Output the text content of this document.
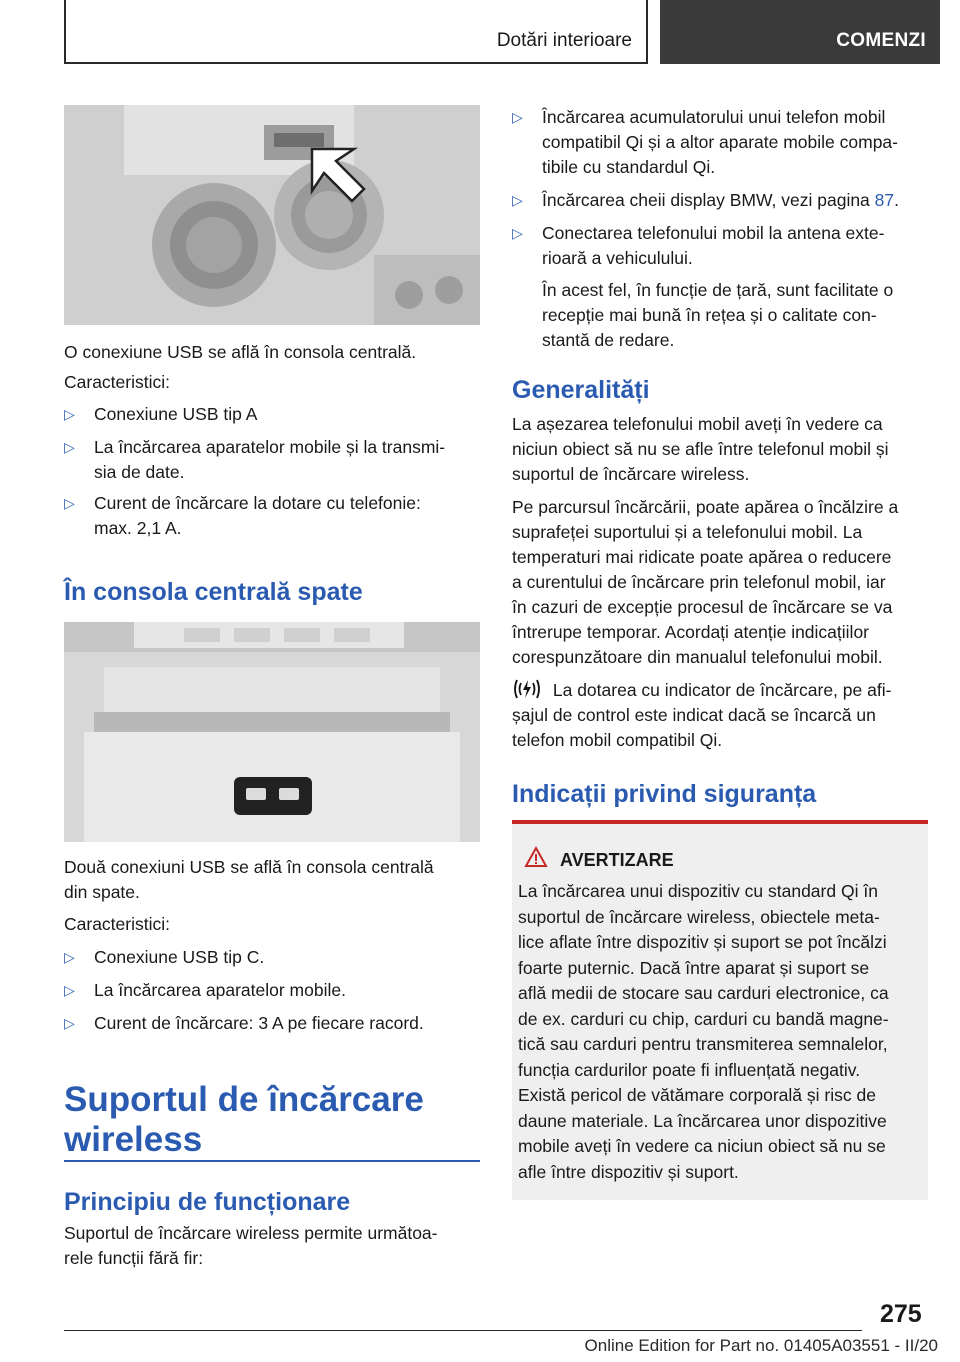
Dotări interioare	COMENZI
O conexiune USB se află în consola centrală.
Caracteristici:
▷	Conexiune USB tip A
▷	La încărcarea aparatelor mobile și la transmi-
sia de date.
▷	Curent de încărcare la dotare cu telefonie:
max. 2,1 A.
În consola centrală spate
Două conexiuni USB se află în consola centrală
din spate.
Caracteristici:
▷	Conexiune USB tip C.
▷	La încărcarea aparatelor mobile.
▷	Curent de încărcare: 3 A pe fiecare racord.
Suportul de încărcare
wireless
Principiu de funcționare
Suportul de încărcare wireless permite următoa-
rele funcții fără fir:
▷	Încărcarea acumulatorului unui telefon mobil
compatibil Qi și a altor aparate mobile compa-
tibile cu standardul Qi.
▷	Încărcarea cheii display BMW, vezi pagina 87.
▷	Conectarea telefonului mobil la antena exte-
rioară a vehiculului.
În acest fel, în funcție de țară, sunt facilitate o
recepție mai bună în rețea și o calitate con-
stantă de redare.
Generalități
La așezarea telefonului mobil aveți în vedere ca
niciun obiect să nu se afle între telefonul mobil și
suportul de încărcare wireless.
Pe parcursul încărcării, poate apărea o încălzire a
suprafeței suportului și a telefonului mobil. La
temperaturi mai ridicate poate apărea o reducere
a curentului de încărcare prin telefonul mobil, iar
în cazuri de excepție procesul de încărcare se va
întrerupe temporar. Acordați atenție indicațiilor
corespunzătoare din manualul telefonului mobil.
La dotarea cu indicator de încărcare, pe afi-
șajul de control este indicat dacă se încarcă un
telefon mobil compatibil Qi.
Indicații privind siguranța
AVERTIZARE
La încărcarea unui dispozitiv cu standard Qi în
suportul de încărcare wireless, obiectele meta-
lice aflate între dispozitiv și suport se pot încălzi
foarte puternic. Dacă între aparat și suport se
află medii de stocare sau carduri electronice, ca
de ex. carduri cu chip, carduri cu bandă magne-
tică sau carduri pentru transmiterea semnalelor,
funcția cardurilor poate fi influențată negativ.
Există pericol de vătămare corporală și risc de
daune materiale. La încărcarea unor dispozitive
mobile aveți în vedere ca niciun obiect să nu se
afle între dispozitiv și suport.
275
Online Edition for Part no. 01405A03551 - II/20
